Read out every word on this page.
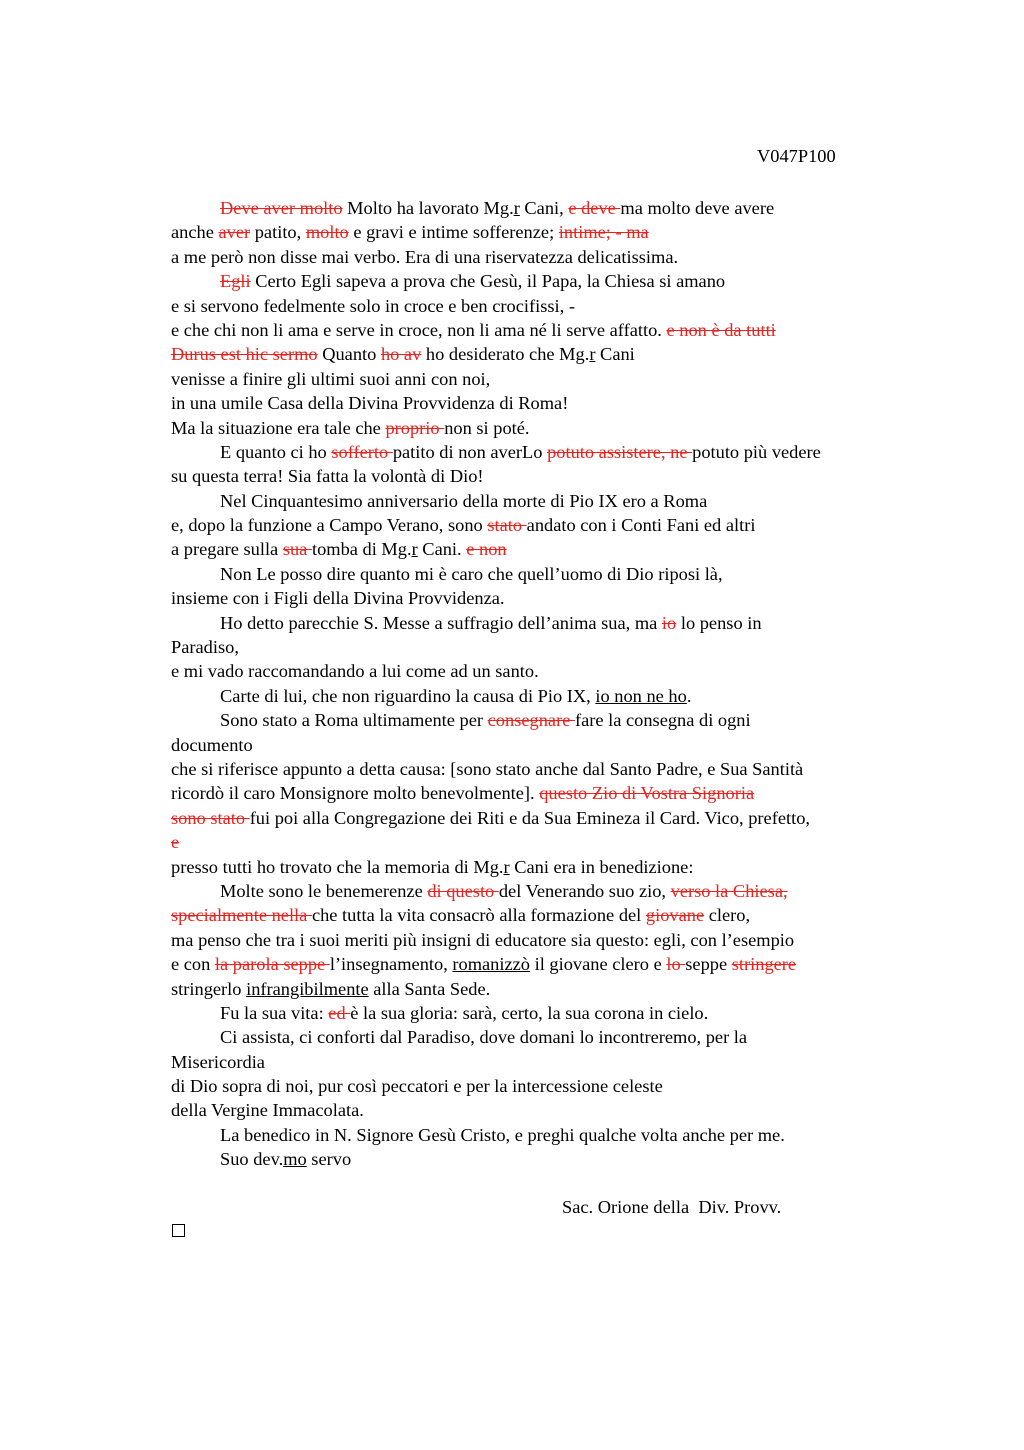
V047P100
Deve aver molto Molto ha lavorato Mg.r Cani, e deve ma molto deve avere
anche aver patito, molto e gravi e intime sofferenze; intime; - ma
a me però non disse mai verbo. Era di una riservatezza delicatissima.
Egli Certo Egli sapeva a prova che Gesù, il Papa, la Chiesa si amano
e si servono fedelmente solo in croce e ben crocifissi, -
e che chi non li ama e serve in croce, non li ama né li serve affatto. e non è da tutti
Durus est hic sermo Quanto ho av ho desiderato che Mg.r Cani
venisse a finire gli ultimi suoi anni con noi,
in una umile Casa della Divina Provvidenza di Roma!
Ma la situazione era tale che proprio non si poté.
E quanto ci ho sofferto patito di non averLo potuto assistere, ne potuto più vedere
su questa terra! Sia fatta la volontà di Dio!
Nel Cinquantesimo anniversario della morte di Pio IX ero a Roma
e, dopo la funzione a Campo Verano, sono stato andato con i Conti Fani ed altri
a pregare sulla sua tomba di Mg.r Cani. e non
Non Le posso dire quanto mi è caro che quell’uomo di Dio riposi là,
insieme con i Figli della Divina Provvidenza.
Ho detto parecchie S. Messe a suffragio dell’anima sua, ma io lo penso in
Paradiso,
e mi vado raccomandando a lui come ad un santo.
Carte di lui, che non riguardino la causa di Pio IX, io non ne ho.
Sono stato a Roma ultimamente per consegnare fare la consegna di ogni
documento
che si riferisce appunto a detta causa: [sono stato anche dal Santo Padre, e Sua Santità
ricordò il caro Monsignore molto benevolmente]. questo Zio di Vostra Signoria
sono stato fui poi alla Congregazione dei Riti e da Sua Emineza il Card. Vico, prefetto,
e
presso tutti ho trovato che la memoria di Mg.r Cani era in benedizione:
Molte sono le benemerenze di questo del Venerando suo zio, verso la Chiesa,
specialmente nella che tutta la vita consacrò alla formazione del giovane clero,
ma penso che tra i suoi meriti più insigni di educatore sia questo: egli, con l’esempio
e con la parola seppe l’insegnamento, romanizzò il giovane clero e lo seppe stringere
stringerlo infrangibilmente alla Santa Sede.
Fu la sua vita: ed è la sua gloria: sarà, certo, la sua corona in cielo.
Ci assista, ci conforti dal Paradiso, dove domani lo incontreremo, per la
Misericordia
di Dio sopra di noi, pur così peccatori e per la intercessione celeste
della Vergine Immacolata.
La benedico in N. Signore Gesù Cristo, e preghi qualche volta anche per me.
Suo dev.mo servo
Sac. Orione della  Div. Provv.
